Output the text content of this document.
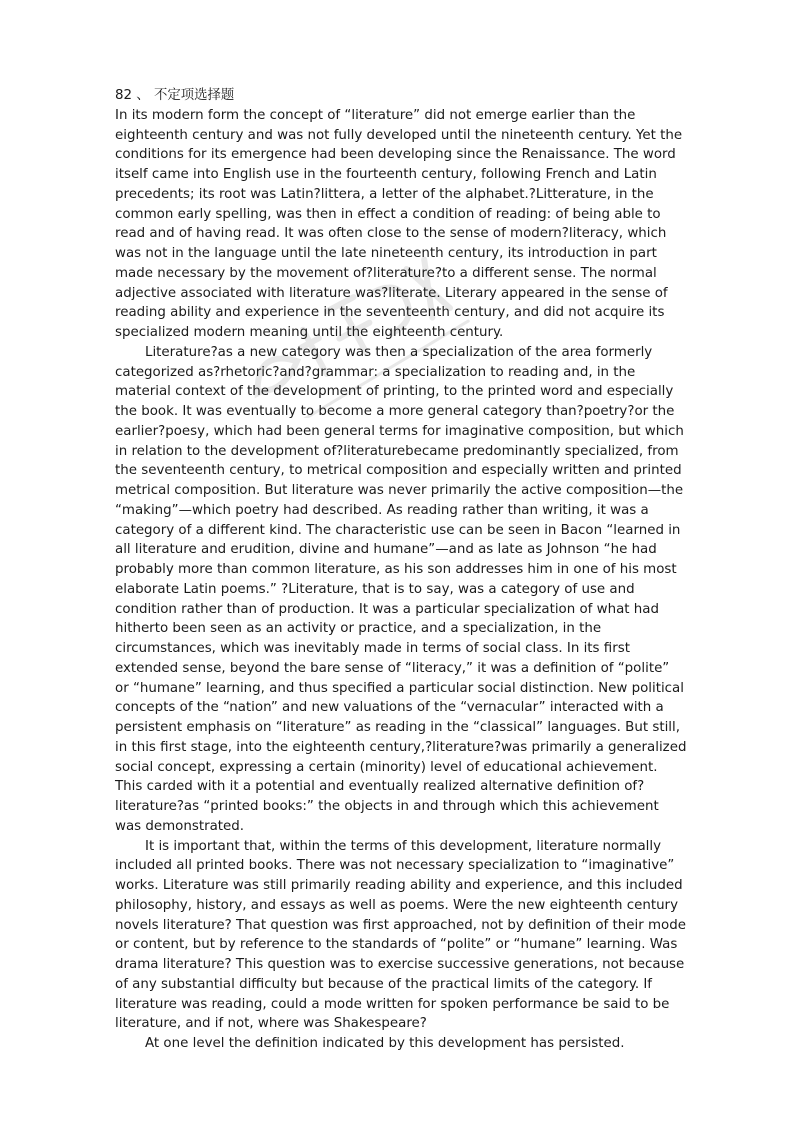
82 、 不定项选择题

In its modern form the concept of “literature” did not emerge earlier than the eighteenth century and was not fully developed until the nineteenth century. Yet the conditions for its emergence had been developing since the Renaissance. The word itself came into English use in the fourteenth century, following French and Latin precedents; its root was Latin?littera, a letter of the alphabet.?Litterature, in the common early spelling, was then in effect a condition of reading: of being able to read and of having read. It was often close to the sense of modern?literacy, which was not in the language until the late nineteenth century, its introduction in part made necessary by the movement of?literature?to a different sense. The normal adjective associated with literature was?literate. Literary appeared in the sense of reading ability and experience in the seventeenth century, and did not acquire its specialized modern meaning until the eighteenth century.

Literature?as a new category was then a specialization of the area formerly categorized as?rhetoric?and?grammar: a specialization to reading and, in the material context of the development of printing, to the printed word and especially the book. It was eventually to become a more general category than?poetry?or the earlier?poesy, which had been general terms for imaginative composition, but which in relation to the development of?literaturebecame predominantly specialized, from the seventeenth century, to metrical composition and especially written and printed metrical composition. But literature was never primarily the active composition—the “making”—which poetry had described. As reading rather than writing, it was a category of a different kind. The characteristic use can be seen in Bacon “learned in all literature and erudition, divine and humane”—and as late as Johnson “he had probably more than common literature, as his son addresses him in one of his most elaborate Latin poems.” ?Literature, that is to say, was a category of use and condition rather than of production. It was a particular specialization of what had hitherto been seen as an activity or practice, and a specialization, in the circumstances, which was inevitably made in terms of social class. In its first extended sense, beyond the bare sense of “literacy,” it was a definition of “polite” or “humane” learning, and thus specified a particular social distinction. New political concepts of the “nation” and new valuations of the “vernacular” interacted with a persistent emphasis on “literature” as reading in the “classical” languages. But still, in this first stage, into the eighteenth century,?literature?was primarily a generalized social concept, expressing a certain (minority) level of educational achievement. This carded with it a potential and eventually realized alternative definition of?literature?as “printed books:” the objects in and through which this achievement was demonstrated.

It is important that, within the terms of this development, literature normally included all printed books. There was not necessary specialization to “imaginative” works. Literature was still primarily reading ability and experience, and this included philosophy, history, and essays as well as poems. Were the new eighteenth century novels literature? That question was first approached, not by definition of their mode or content, but by reference to the standards of “polite” or “humane” learning. Was drama literature? This question was to exercise successive generations, not because of any substantial difficulty but because of the practical limits of the category. If literature was reading, could a mode written for spoken performance be said to be literature, and if not, where was Shakespeare?

At one level the definition indicated by this development has persisted.
